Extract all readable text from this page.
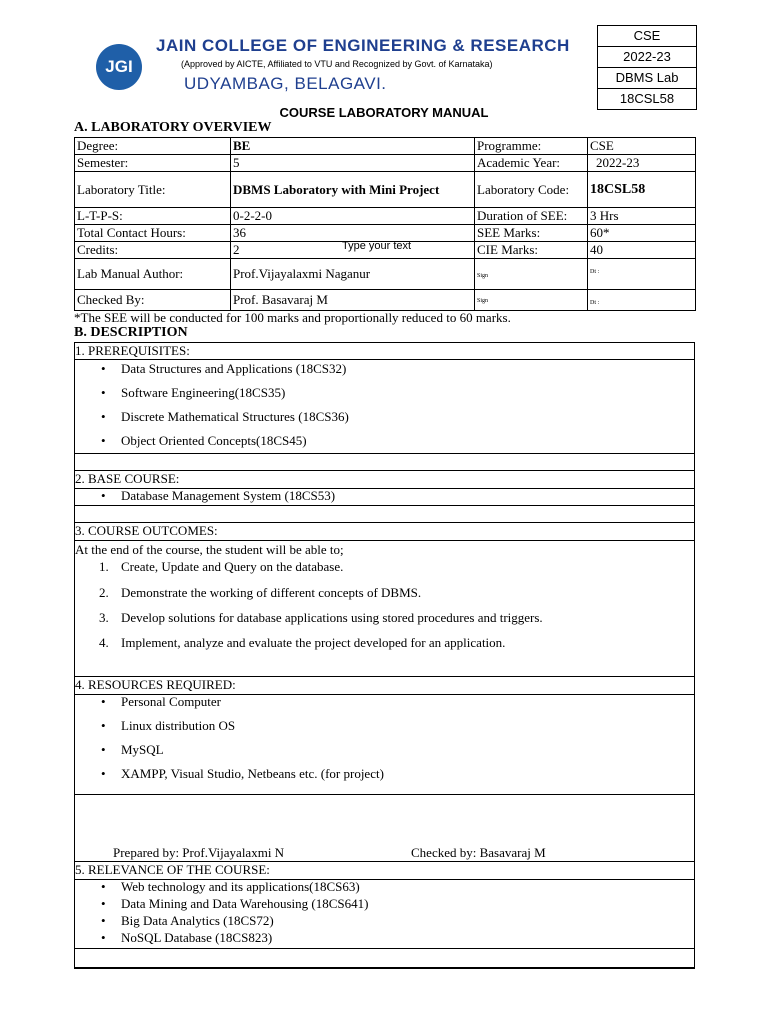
JGI
JAIN COLLEGE OF ENGINEERING & RESEARCH
(Approved by AICTE, Affiliated to VTU and Recognized by Govt. of Karnataka)
UDYAMBAG, BELAGAVI.
CSE
2022-23
DBMS Lab
18CSL58
COURSE LABORATORY MANUAL
A. LABORATORY OVERVIEW
Degree:	BE	Programme:	CSE
Semester:	5	Academic Year:	2022-23
Laboratory Title:	DBMS Laboratory with Mini Project	Laboratory Code:	18CSL58
L-T-P-S:	0-2-2-0	Duration of SEE:	3 Hrs
Total Contact Hours:	36	SEE Marks:	60*
Credits:	2	CIE Marks:	40
Lab Manual Author:	Prof.Vijayalaxmi Naganur	Sign	Dt :
Checked By:	Prof. Basavaraj M	Sign	Dt :
Type your text
*The SEE will be conducted for 100 marks and proportionally reduced to 60 marks.
B. DESCRIPTION
1. PREREQUISITES:
• Data Structures and Applications (18CS32)
• Software Engineering(18CS35)
• Discrete Mathematical Structures (18CS36)
• Object Oriented Concepts(18CS45)
2. BASE COURSE:
• Database Management System (18CS53)
3. COURSE OUTCOMES:
At the end of the course, the student will be able to;
1. Create, Update and Query on the database.
2. Demonstrate the working of different concepts of DBMS.
3. Develop solutions for database applications using stored procedures and triggers.
4. Implement, analyze and evaluate the project developed for an application.
4. RESOURCES REQUIRED:
• Personal Computer
• Linux distribution OS
• MySQL
• XAMPP, Visual Studio, Netbeans etc. (for project)
Prepared by: Prof.Vijayalaxmi N	Checked by: Basavaraj M
5. RELEVANCE OF THE COURSE:
• Web technology and its applications(18CS63)
• Data Mining and Data Warehousing (18CS641)
• Big Data Analytics (18CS72)
• NoSQL Database (18CS823)
